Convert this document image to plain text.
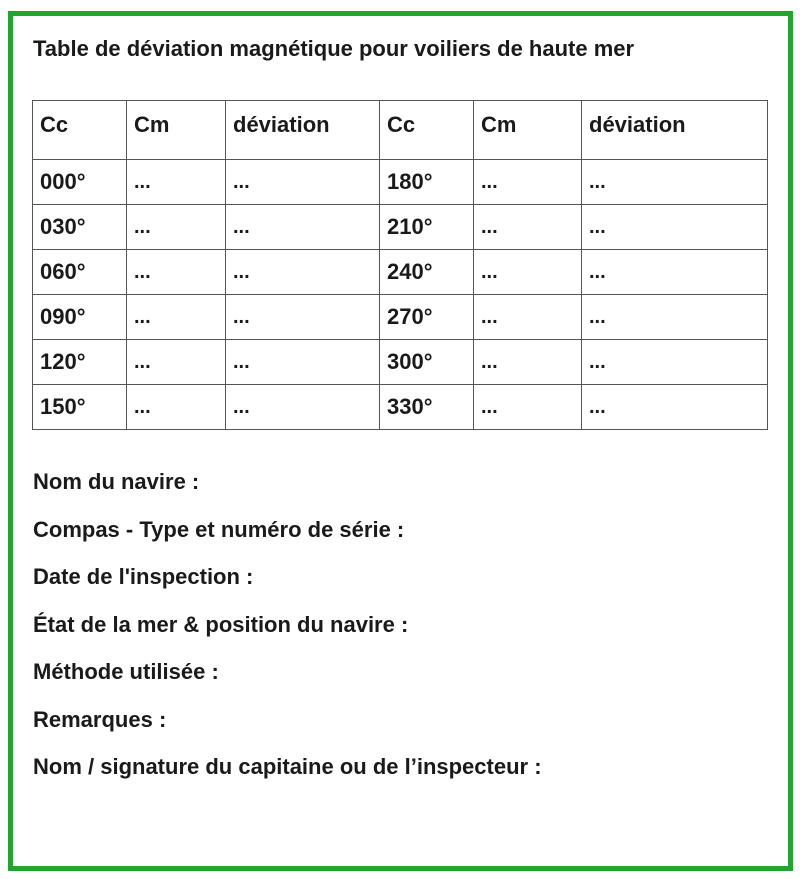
Table de déviation magnétique pour voiliers de haute mer
Cc	Cm	déviation	Cc	Cm	déviation
000°	...	...	180°	...	...
030°	...	...	210°	...	...
060°	...	...	240°	...	...
090°	...	...	270°	...	...
120°	...	...	300°	...	...
150°	...	...	330°	...	...
Nom du navire :
Compas - Type et numéro de série :
Date de l'inspection :
État de la mer & position du navire :
Méthode utilisée :
Remarques :
Nom / signature du capitaine ou de l’inspecteur :
